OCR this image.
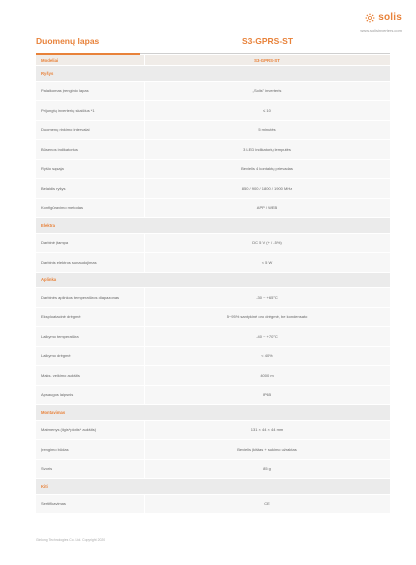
solis
www.solisinverters.com
Duomenų lapas	S3-GPRS-ST
Modeliai	S3-GPRS-ST
Ryšys
Palaikomas įrenginio lapas	„Solis" inverteris
Prijungtų inverterių skaičius *1	≤ 10
Duomenų rinkimo intervalai	5 minutės
Būsenos indikatorius	3 LED indikatorių lemputės
Ryšio sąsaja	Bevielis 4 kontaktų prievadas
Belaidis ryšys	850 / 900 / 1800 / 1900 MHz
Konfigūravimo metodas	APP / WEB
Elektra
Darbinė įtampa	DC 5 V (+ / -5%)
Darbinis elektros sunaudojimas	< 5 W
Aplinka
Darbinės aplinkos temperatūros diapazonas	-30 ~ +65°C
Eksploatacinė drėgmė	5~95% santykinė oro drėgmė, be kondensato
Laikymo temperatūra	-40 ~ +70°C
Laikymo drėgmė	< 40%
Maks. veikimo aukštis	4000 m
Apsaugos laipsnis	IP65
Montavimas
Matmenys (ilgis*plotis* aukštis)	131 × 44 × 44 mm
Įrengimo būdas	Bevielis įkištas + sukimo užraktas
Svoris	85 g
Kiti
Sertifikavimas	CE
Ginlong Technologies Co. Ltd. Copyright 2020
